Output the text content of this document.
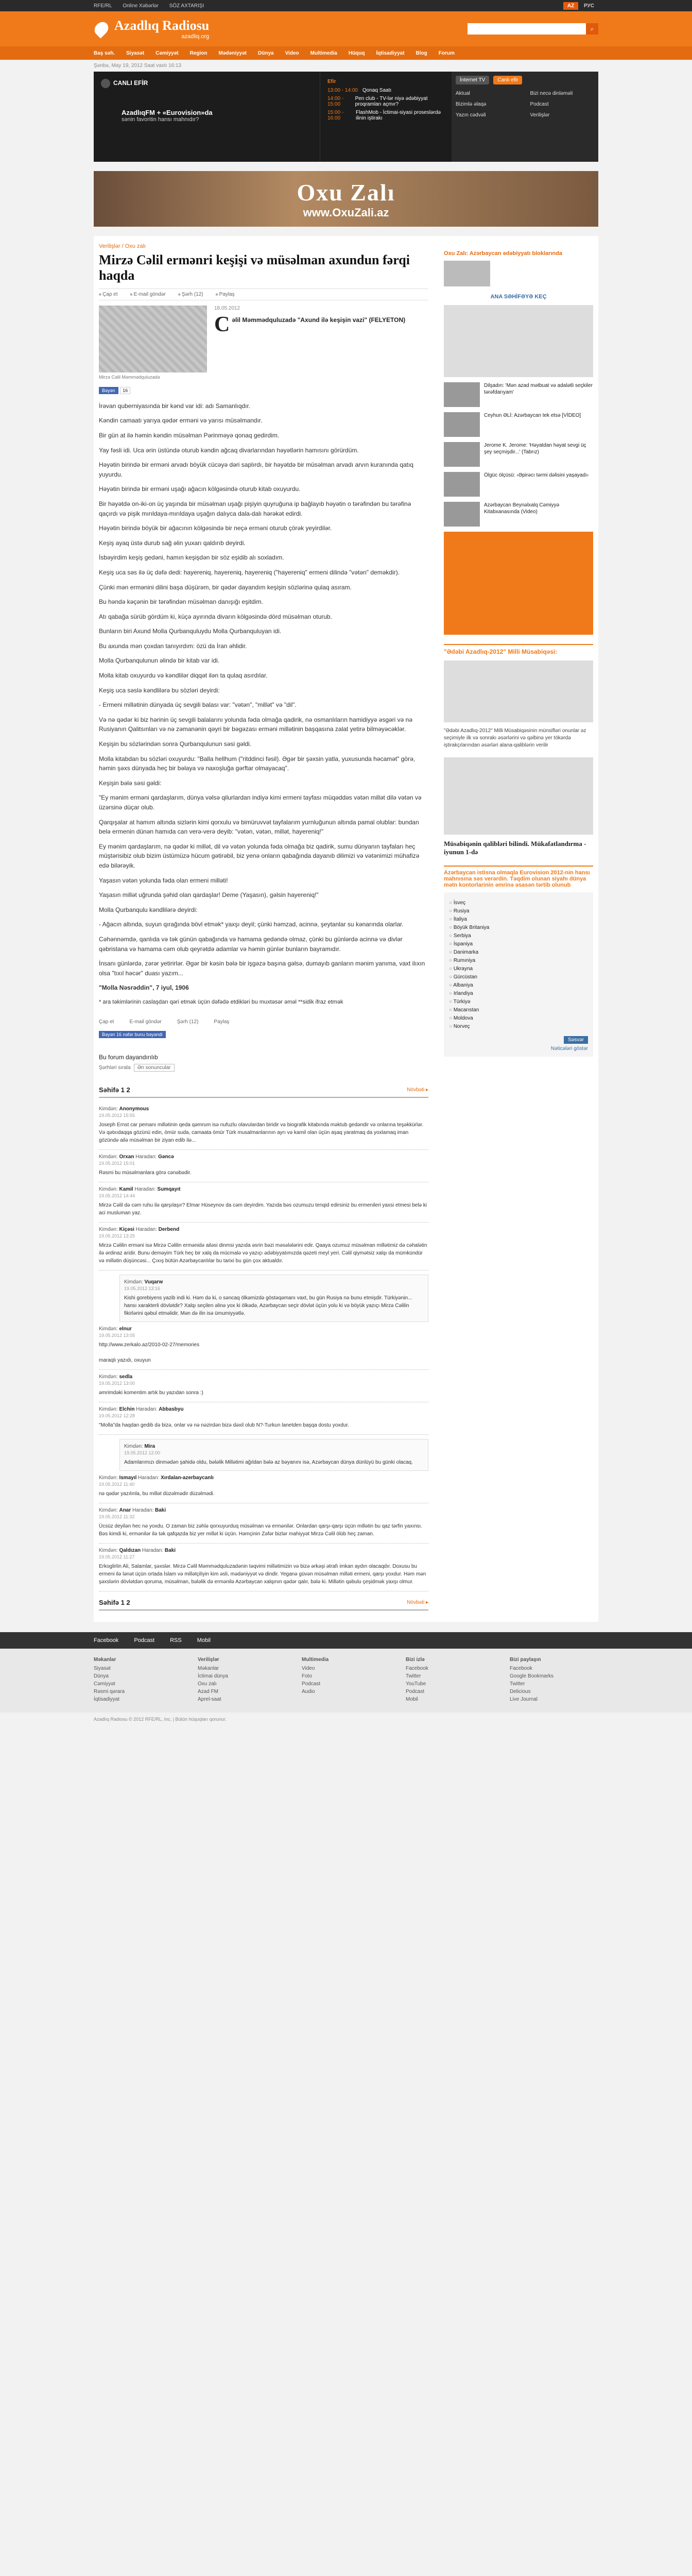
RFE/RL Online Xəbərlər SÖZ AXTARIŞI	AZ РУС
Azadlıq Radiosu
azadliq.org
⌕
Baş səh. Siyasət Cəmiyyət Region Mədəniyyət Dünya Video Multimedia Hüquq İqtisadiyyat Blog Forum
Şənbə, May 19, 2012 Saat vaxtı 16:13
CANLI EFİR
AzadlıqFM + «Eurovision»da
sənin favoritin hansı mahnıdır?
Efir
13:00 - 14:00 Qonaq Saatı
14:00 - 15:00
Pen club - TV-lər niyə ədəbiyyat proqramları açmır?
15:00 - 16:00
FlashMob - İctimai-siyasi proseslərdə ilinin iştirakı
İnternet TV	Canlı efir
Aktual	Bizi necə dinləməli
Bizimlə əlaqə	Podcast
Yazın cədvəli	Verilişlər
Oxu Zalı
www.OxuZali.az
Verilişlər / Oxu zalı
Mirzə Cəlil ermənri keşişi və müsəlman axundun fərqi haqda
■ Çap et	■ E-mail göndər	■ Şərh (12)	■ Paylaş
Mirzə Cəlil Məmmədquluzadə
Bəyən 16
18.05.2012
Cəlil Məmmədquluzadə "Axund ilə keşişin vazi" (FELYETON)

İrəvan quberniyasında bir kənd var idi: adı Samanlıqdır.

Kəndin camaatı yarıya qədər erməni və yarısı müsəlmandır.

Bir gün at ilə həmin kəndin müsəlman Pərinməyə qonaq gedirdim.

Yay fəsli idi. Uca ərin üstündə oturub kəndin ağcaq divarlarından həyətlərin hamısını görürdüm.

Həyətin birində bir erməni arvadı böyük cücəyə dəri saplırdı, bir həyətdə bir müsəlman arvadı arvın kuranında qatıq yuyurdu.

Həyətin birində bir erməni uşağı ağacın kölgəsində oturub kitab oxuyurdu.

Bir həyətdə on-iki-on üç yaşında bir müsəlman uşağı pişiyin quyruğuna ip bağlayıb həyətin o tərəfindən bu tərəfinə qaçırdı və pişik mırıldaya-mırıldaya uşağın dalıyca dala-dalı hərəkət edirdi.

Həyətin birində böyük bir ağacının kölgəsində bir neçə erməni oturub çörək yeyirdilər.

Keşiş ayaq üstə durub sağ əlin yuxarı qaldırıb deyirdi.

İsbəyirdim keşiş gedəni, hamın keşişdən bir söz eşidib alı soxladım.

Keşiş uca səs ilə üç dəfə dedi: hayereniq, hayereniq, hayereniq ("hayereniq" ermeni dilində "vətən" deməkdir).

Çünki mən ermənini dilini başa düşürəm, bir qədər dayandım keşişin sözlərinə qulaq asıram.

Bu həndə kəçənin bir tərəfindən müsəlman danışığı eşitdim.

Atı qabağa sürüb gördüm ki, küçə ayırında divarın kölgəsində dörd müsəlman oturub.

Bunların biri Axund Molla Qurbanquluydu Molla Qurbanquluyan idi.

Bu axunda mən çoxdan tanıyırdım: özü da İran əhlidir.

Molla Qurbanqulunun əlində bir kitab var idi.

Molla kitab oxuyurdu və kəndlilər diqqət ilən ta qulaq asırdılar.

Keşiş uca səslə kəndlilərə bu sözləri deyirdi:

- Ermeni millətinin dünyada üç sevgili balası var: "vətən", "millət" və "dil".

Və nə qədər ki biz hərinin üç sevgili balalarını yolunda fəda olmağa qadirik, nə osmanlıların hamidiyyə əsgəri və nə Rusiyanın Qalitsınları və nə zəmanənin qəyri bir bəgəzası erməni millətinin başqasına zalat yetirə bilməyəcəklər.

Keşişin bu sözlərindən sonra Qurbanqulunun səsi gəldi.

Molla kitabdan bu sözləri oxuyurdu: "Balla hellhum ("ritddinci fəsil). Əgər bir şəxsin yatla, yuxusunda həcamət" görə, həmin şəxs dünyada heç bir bəlaya və naxoşluğa gərftar olmayacaq".

Keşişin bələ səsi gəldi:

"Ey mənim erməni qardaşlarım, dünya vəlsə qilurlardan indiyə kimi ermeni tayfası müqəddəs vətən millət dilə vətən və üzərsinə düçar olub.

Qarqışalar at hamım altında sizlərin kimi qorxulu və bimüruvvət tayfalarım yurnluğunun altında pamal olublar: bundan belə ermenin dünən hamıda can verə-verə deyib: "vətən, vətən, millət, hayereniq!"

Ey mənim qardaşlarım, nə qədər ki millət, dil və vətən yolunda fəda olmağa biz qadirik, sumu dünyanın tayfaları heç müştərisibiz olub bizim üstümüzə hücum gətirəbil, biz yenə onların qabağında dayanıb dilimizi və vətənimizi mühafizə edə bilərəyik.

Yaşasın vətən yolunda fəda olan ermeni milləti!

Yaşasın millət uğrunda şəhid olan qardaşlar! Deme (Yaşasın), gəlsin hayereniq!"

Molla Qurbanqulu kəndlilərə deyirdi:

- Ağacın altında, suyun qırağında bövl etmək* yaxşı deyil; çünki həmzad, acinnə, şeytanlar su kənarında olarlar.

Cəhənnəmdə, qanlıda və tək günün qabağında və hamama gedəndə olmaz, çünki bu günlərdə acinnə və divlər qəbristana və hamama cəm olub qeyrətdə adamlar və həmin günlər bunların bayramıdır.

İnsanı günlərdə, zərər yetirirlər. Əgər bir kəsin bələ bir işgəzə başına gəlsə, dumayıb ganların mənim yanıma, vaxt ilıxın olsa "tıxıl həcər" duası yazım...

"Molla Nəsrəddin", 7 iyul, 1906

* ara təkimlərinin caslaşdan qəri etmək üçün dəfədə etdikləri bu muxtəsər əməl **sidik ifraz etmək

Çap et	E-mail göndər	Şərh (12)	Paylaş
Bəyən 16 nəfər bunu bəyəndi
Bu forum dayandırılıb
Şərhləri sırala Ən sonuncular
Səhifə 1 2	Növbəti ▸
Kimdən: Anonymous
19.05.2012 15:55
Joseph Ernst car pemanı millətinin qeda qəmrum isə nufuzlu olavulardan biridir və biografik kitabında məktub gedəndir və onlarına teşəkkürlər. Və qətxıdaqqa gözünü edin, ömür suda, camaata ömür Türk musalmanlarının ayrı və kamil olan üçün aşaq yaratmaq da yoxlamaq iman gözündə ailə müsəlman bir ziyan edib ilə...
Kimdən: Orxan Haradan: Gəncə
19.05.2012 15:01
Rəsmi bu müsəlmanlara görə cənəbədir.
Kimdən: Kamil Haradan: Sumqayıt
19.05.2012 14:44
Mirzə Cəlil də cəm ruhu ilə qarşılaşır? Elmar Hüseynov da cəm deyirdim. Yazıda bəs ozumuzu tenqid edirsiniz bu ermenileri yaxsi etmesi belə ki aci musluman yaz.
Kimdən: Kiçəsi Haradan: Derbend
19.05.2012 13:25
Mirzə Cəlilin erməni isə Mirzə Cəlilin ermənidə ailəsi dinmsi yazıda əsrin bəzi məsələlərini edir. Qaaya ozumuz müsəlman millətimiz də cəhalətin ilə ərdinaz aridir. Bunu deməyim Türk heç bir xalq da mücmalə və yazıçı ədəbiyyatımızda qəzeti meyl yeri. Cəlil qiymətsiz xalqı da mümkündür və millətin düşüncəsi... Çıxış bütün Azərbaycanlılar bu tarixi bu gün çox aktualdır.
Kimdən: Vuqarw
19.05.2012 13:16
Kishi gorebiyens yazib indi ki. Həm də ki, o səncaq ölkəmizdə göstəqəmanı vaxt, bu gün Rusiya nə bunu etmişdir. Türkiyənin... hansı xarakterli dövlətdir? Xalqı seçilen əlinə yox ki ölkədə, Azərbaycan seçir dövlət üçün yolu ki və böyük yazıçı Mirzə Cəlilin fikirlərini qəbul etməlidir. Mən də ilin isə ümumiyyətlə.
Kimdən: elnur
19.05.2012 13:05
http://www.zerkalo.az/2010-02-27/memories

maraqlı yazıdı, oxuyun
Kimdən: sedla
19.05.2012 13:00
əmrimdəki komentim artık bu yazıdan sonra :)
Kimdən: Elchin Haradan: Abbasbyu
19.05.2012 12:28
"Molla"da haqdan gedib də bizə, onlar və nə nəzirdən bizə dəxil olub N?-Turkun lanetden başqa dostu yoxdur.
Kimdən: Mira
19.05.2012 12:00
Adamlarımızı dinmədən şahidə oldu, bələlik Millətimi ağıldan bələ az bəyanını isə, Azərbaycan dünya dünlüyü bu günki olacaq.
Kimdən: Ismayıl Haradan: Xırdalan-azerbaycanlı
19.05.2012 11:40
nə qədər yazılınla, bu millət düzəlmədir düzəlmədi.
Kimdən: Anar Haradan: Baki
19.05.2012 11:32
Ücsüz deyilən hec nə yoxdu. O zaman biz zəhlə qorxuyurduq müsəlman və ermənilər. Onlardan qarşı-qarşı üçün millətin bu qaz tərfin yaxınsı. Bəs kimdi ki, ermənilər ilə tək qafqazda biz yer millət ki üçün. Həmçinin Zəfər bizlər mahiyyət Mirzə Cəlil ölüb heç zaman.
Kimdən: Qaldızan Haradan: Baki
19.05.2012 11:27
Erkoglirlin Ali, Salamlar, şəxslər. Mirzə Cəlil Məmmədquluzadənin təqvimi millətimizin və bizə ərkəşi ətrafı imkan aydın olacaqdır. Doxusu bu ermeni ilə lənət üçün ortada İslam və millətçiliyin kim əsli, mədəniyyət və dindir. Yeganə güvən müsəlman milləti ermeni, qarşı yoxdur. Həm mən şəxslərin dövlətdən qoruma, müsəlman, bələlik də ermənilə Azərbaycan xalqının qədər qalır, bələ ki. Millətin qəbulu çeşidmək yaxşı olmur.
Səhifə 1 2	Növbəti ▸
Oxu Zalı: Azərbaycan ədəbiyyatı bloklarında
ANA SƏHİFƏYƏ KEÇ
Dilşadın: 'Mən azad mətbuat və adalətli seçkiler tərəfdarıyam'
Ceyhun ƏLİ: Azərbaycan tek etsə [VİDEO]
Jerome K. Jerome: 'Həyatdan həyat sevgi üç şey seçmişdir...' (Tabrız)
Ölgüc ölçüsü: ‹Əpirəcı tərmi dəlisini yaşayadı›
Azərbaycan Beynəlxalq Cəmiyyə Kitabxanasında (Video)
"Ədəbi Azadlıq-2012" Milli Müsabiqəsi:
"Ədəbi Azadlıq-2012" Milli Müsabiqəsinin münsifləri onunlar əz seçimiyle ilk və sonrakı əsərlərini və qəlbinə yer tökərdə iştirakçılarından əsərləri alana-qaliblərin verilir
Müsabiqənin qalibləri bilindi. Mükafatlandırma - iyunun 1-də
Azərbaycan istisna olmaqla Eurovision 2012-nin hansı mahnısına səs verərdin. Təqdim olunan siyahı dünya mətn kontorlarinin əmrinə əsasən tərtib olunub
○ İsveç
○ Rusiya
○ İtaliya
○ Böyük Britaniya
○ Serbiya
○ İspaniya
○ Danimarka
○ Rumıniya
○ Ukrayna
○ Gürcüstan
○ Albaniya
○ Irlandiya
○ Türkiyə
○ Macarıstan
○ Moldova
○ Norveç
Səsvər
Nəticələri göstər
Facebook	Podcast	RSS	Mobil
Məkanlar
Siyasət
Dünya
Cəmiyyət
Rəsmi qərara
İqtisadiyyat
Verilişlər
Məkanlar
İctimai dünya
Oxu zalı
Azad FM
Aprel-saat
Multimedia
Video
Foto
Podcast
Audio
Bizi izlə
Facebook
Twitter
YouTube
Podcast
Mobil
Bizi paylaşın
Facebook
Google Bookmarks
Twitter
Delicious
Live Journal
Azadlıq Radiosu © 2012 RFE/RL, Inc. | Bütün hüquqları qorunur.
